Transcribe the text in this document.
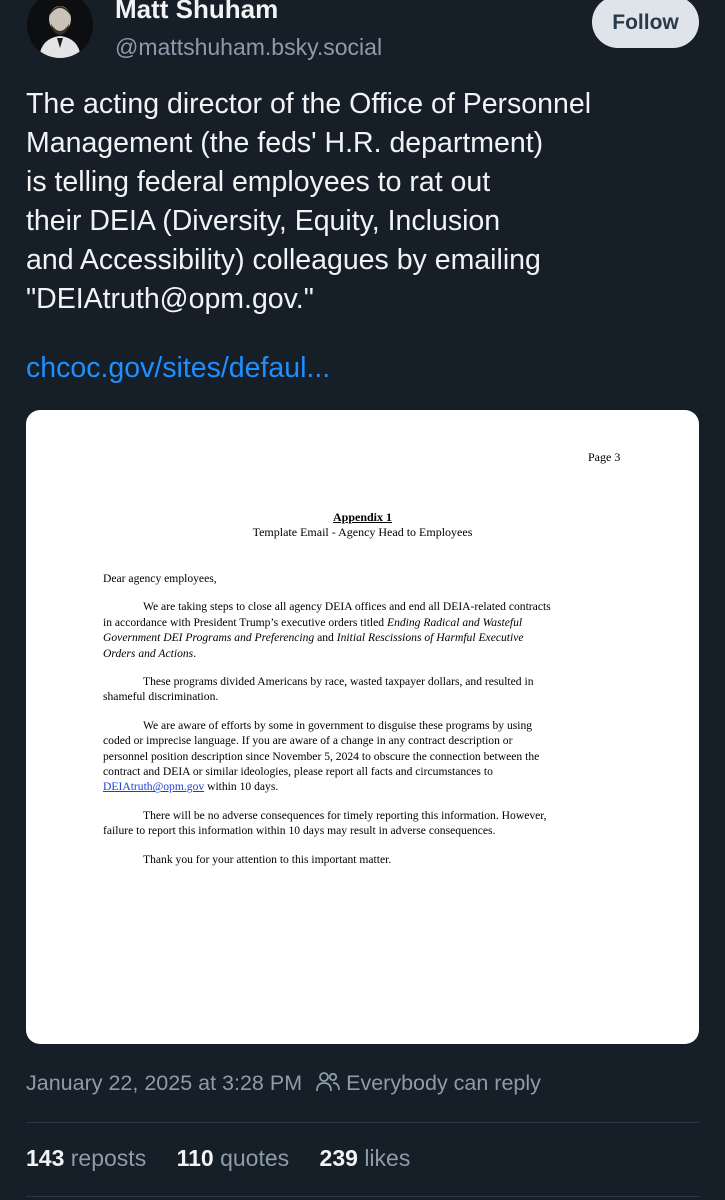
Matt Shuham
@mattshuham.bsky.social
Follow
The acting director of the Office of Personnel
Management (the feds' H.R. department)
is telling federal employees to rat out
their DEIA (Diversity, Equity, Inclusion
and Accessibility) colleagues by emailing
"DEIAtruth@opm.gov."
chcoc.gov/sites/defaul...
Page 3
Appendix 1
Template Email - Agency Head to Employees

Dear agency employees,

We are taking steps to close all agency DEIA offices and end all DEIA-related contracts
in accordance with President Trump’s executive orders titled Ending Radical and Wasteful
Government DEI Programs and Preferencing and Initial Rescissions of Harmful Executive
Orders and Actions.
These programs divided Americans by race, wasted taxpayer dollars, and resulted in
shameful discrimination.
We are aware of efforts by some in government to disguise these programs by using
coded or imprecise language. If you are aware of a change in any contract description or
personnel position description since November 5, 2024 to obscure the connection between the
contract and DEIA or similar ideologies, please report all facts and circumstances to
DEIAtruth@opm.gov within 10 days.
There will be no adverse consequences for timely reporting this information. However,
failure to report this information within 10 days may result in adverse consequences.
Thank you for your attention to this important matter.
January 22, 2025 at 3:28 PM Everybody can reply
143 reposts 110 quotes 239 likes
